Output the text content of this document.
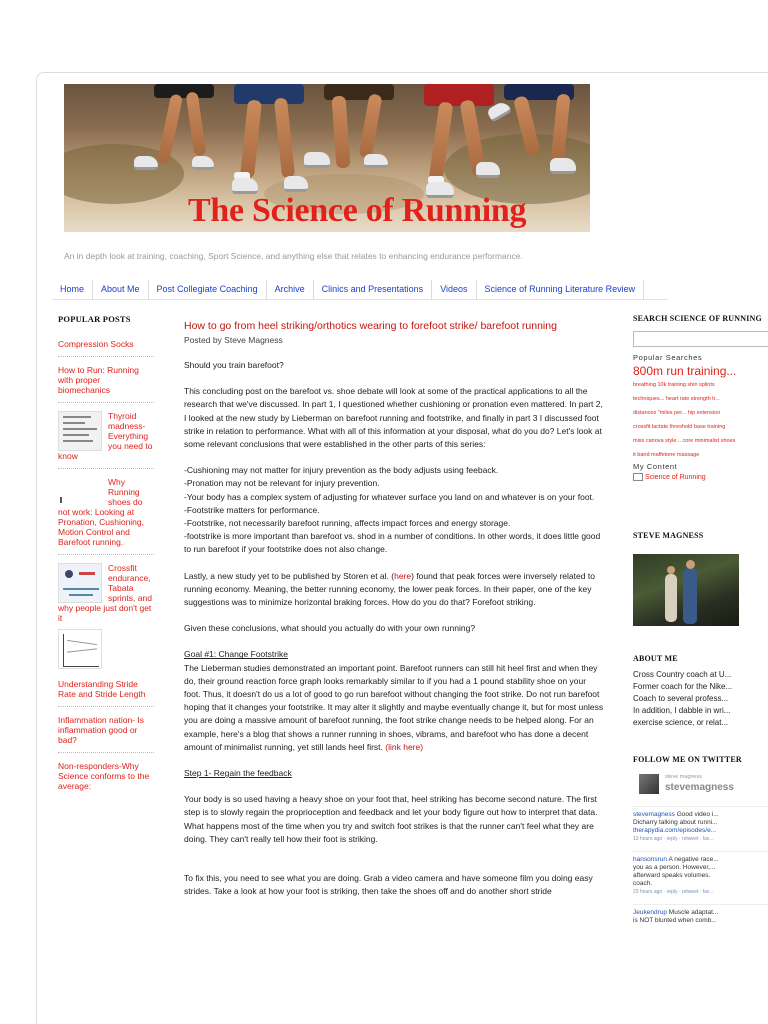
The Science of Running
An in depth look at training, coaching, Sport Science, and anything else that relates to enhancing endurance performance.
Home	About Me	Post Collegiate Coaching	Archive	Clinics and Presentations	Videos	Science of Running Literature Review
POPULAR POSTS
Compression Socks
How to Run: Running with proper biomechanics
Thyroid madness- Everything you need to know
Why Running shoes do not work: Looking at Pronation, Cushioning, Motion Control and Barefoot running.
Crossfit endurance, Tabata sprints, and why people just don't get it
Understanding Stride Rate and Stride Length
Inflammation nation- Is inflammation good or bad?
Non-responders-Why Science conforms to the average:
How to go from heel striking/orthotics wearing to forefoot strike/ barefoot running
Posted by Steve Magness

Should you train barefoot?

This concluding post on the barefoot vs. shoe debate will look at some of the practical applications to all the research that we've discussed. In part 1, I questioned whether cushioning or pronation even mattered. In part 2, I looked at the new study by Lieberman on barefoot running and footstrike, and finally in part 3 I discussed foot strike in relation to performance. What with all of this information at your disposal, what do you do? Let's look at some relevant conclusions that were established in the other parts of this series:

-Cushioning may not matter for injury prevention as the body adjusts using feeback.

-Pronation may not be relevant for injury prevention.

-Your body has a complex system of adjusting for whatever surface you land on and whatever is on your foot.

-Footstrike matters for performance.

-Footstrike, not necessarily barefoot running, affects impact forces and energy storage.

-footstrike is more important than barefoot vs. shod in a number of conditions. In other words, it does little good to run barefoot if your footstrike does not also change.

Lastly, a new study yet to be published by Storen et al. (here) found that peak forces were inversely related to running economy. Meaning, the better running economy, the lower peak forces. In their paper, one of the key suggestions was to minimize horizontal braking forces. How do you do that? Forefoot striking.

Given these conclusions, what should you actually do with your own running?

Goal #1: Change Footstrike

The Lieberman studies demonstrated an important point. Barefoot runners can still hit heel first and when they do, their ground reaction force graph looks remarkably similar to if you had a 1 pound stability shoe on your foot. Thus, it doesn't do us a lot of good to go run barefoot without changing the foot strike. Do not run barefoot hoping that it changes your footstrike. It may alter it slightly and maybe eventually change it, but for most unless you are doing a massive amount of barefoot running, the foot strike change needs to be helped along. For an example, here's a blog that shows a runner running in shoes, vibrams, and barefoot who has done a decent amount of minimalist running, yet still lands heel first. (link here)

Step 1- Regain the feedback

Your body is so used having a heavy shoe on your foot that, heel striking has become second nature. The first step is to slowly regain the proprioception and feedback and let your body figure out how to interpret that data. What happens most of the time when you try and switch foot strikes is that the runner can't feel what they are doing. They can't really tell how their foot is striking.

To fix this, you need to see what you are doing. Grab a video camera and have someone film you doing easy strides. Take a look at how your foot is striking, then take the shoes off and do another short stride

SEARCH SCIENCE OF RUNNING
Popular Searches
800m run training...
breathing 10k training shin splints
techniques... heart rate strength tr...
distances "miles per... hip extension
crossfit lactate threshold base training
miss canova style... core minimalist shoes
it band maffetone massage
My Content
Science of Running
STEVE MAGNESS
ABOUT ME
Cross Country coach at U...
Former coach for the Nike...
Coach to several profess...
In addition, I dabble in wri...
exercise science, or relat...
FOLLOW ME ON TWITTER
steve magness
stevemagness
stevemagness Good video i...
Dicharry talking about runni...
therapydia.com/episodes/e...
13 hours ago · reply · retweet · fav...
hansonsrun A negative race...
you as a person. However,...
afterward speaks volumes.
coach.
23 hours ago · reply · retweet · fav...
Jeukendrup Muscle adaptat...
is NOT blunted when comb...
